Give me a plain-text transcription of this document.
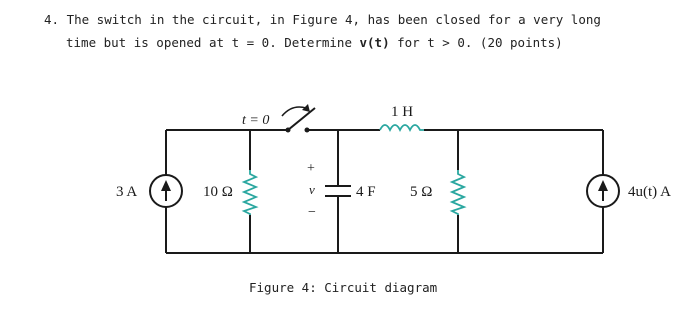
4. The switch in the circuit, in Figure 4, has been closed for a very long
time but is opened at t = 0. Determine v(t) for t > 0. (20 points)
3 A	10 Ω
t = 0
1 H
4 F
+
v
−
5 Ω	4u(t) A
Figure 4: Circuit diagram
